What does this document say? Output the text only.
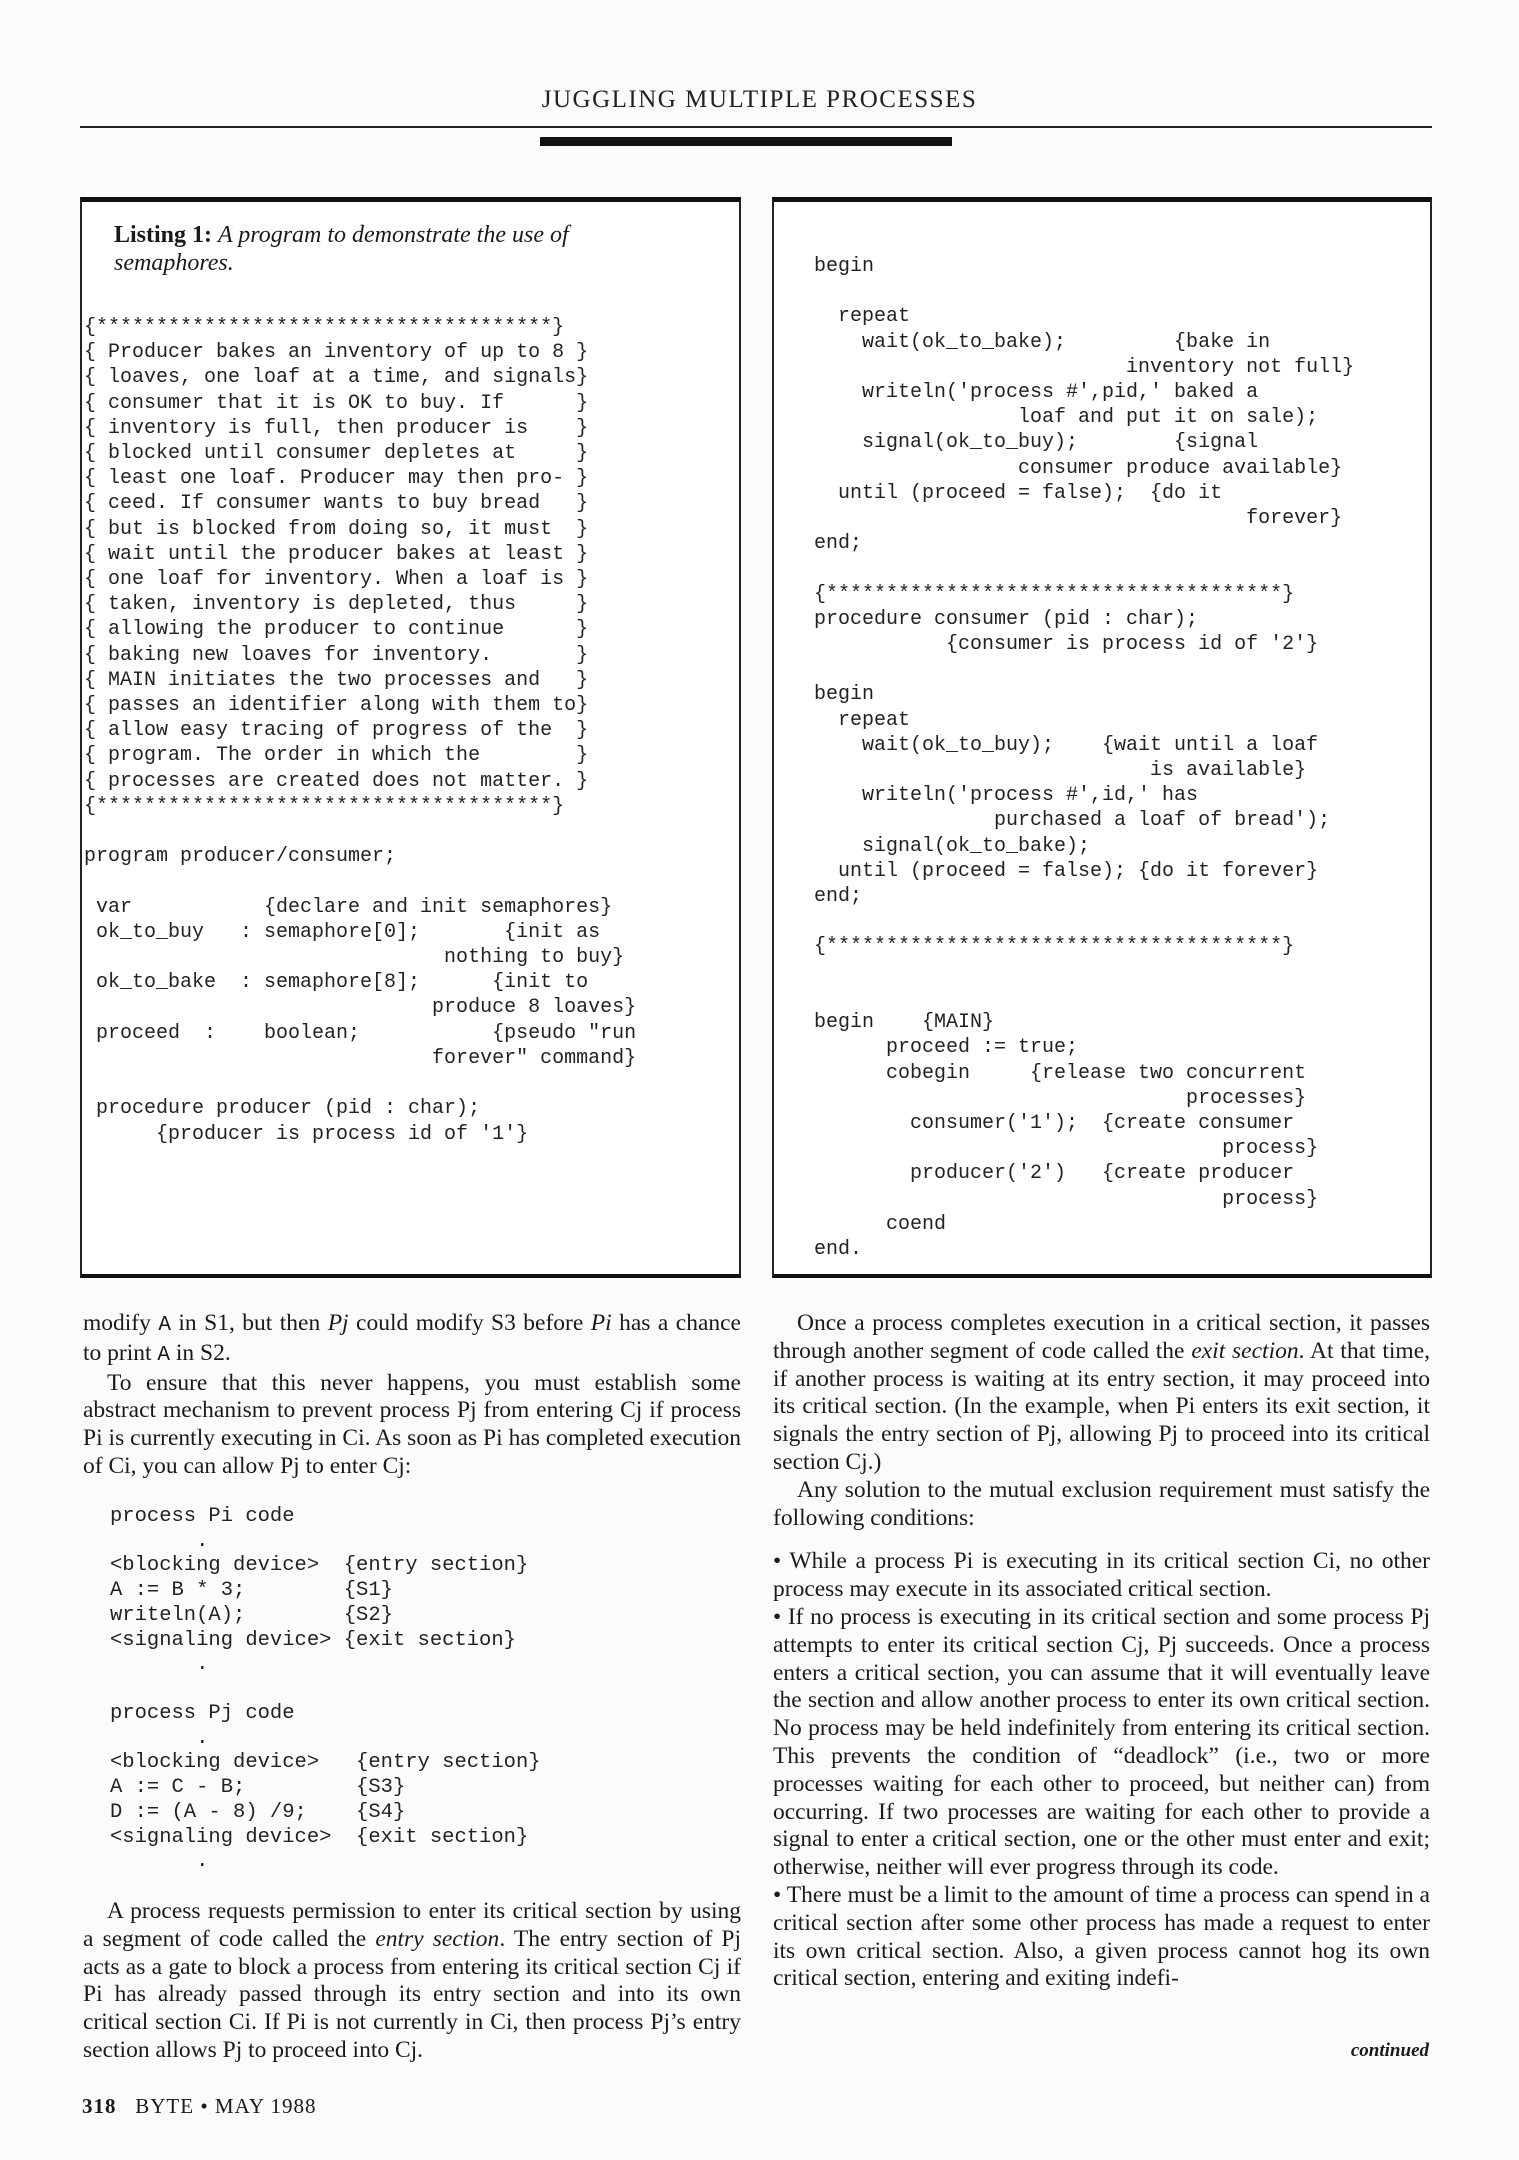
JUGGLING MULTIPLE PROCESSES
Listing 1: A program to demonstrate the use of semaphores.
{**************************************}
{ Producer bakes an inventory of up to 8 }
{ loaves, one loaf at a time, and signals}
{ consumer that it is OK to buy. If      }
{ inventory is full, then producer is    }
{ blocked until consumer depletes at     }
{ least one loaf. Producer may then pro- }
{ ceed. If consumer wants to buy bread   }
{ but is blocked from doing so, it must  }
{ wait until the producer bakes at least }
{ one loaf for inventory. When a loaf is }
{ taken, inventory is depleted, thus     }
{ allowing the producer to continue      }
{ baking new loaves for inventory.       }
{ MAIN initiates the two processes and   }
{ passes an identifier along with them to}
{ allow easy tracing of progress of the  }
{ program. The order in which the        }
{ processes are created does not matter. }
{**************************************}

program producer/consumer;

var           {declare and init semaphores}
ok_to_buy   : semaphore[0];       {init as
nothing to buy}
ok_to_bake  : semaphore[8];      {init to
produce 8 loaves}
proceed  :    boolean;           {pseudo "run
forever" command}

procedure producer (pid : char);
{producer is process id of '1'}
begin

repeat
wait(ok_to_bake);         {bake in
inventory not full}
writeln('process #',pid,' baked a
loaf and put it on sale);
signal(ok_to_buy);        {signal
consumer produce available}
until (proceed = false);  {do it
forever}
end;

{**************************************}
procedure consumer (pid : char);
{consumer is process id of '2'}

begin
repeat
wait(ok_to_buy);    {wait until a loaf
is available}
writeln('process #',id,' has
purchased a loaf of bread');
signal(ok_to_bake);
until (proceed = false); {do it forever}
end;

{**************************************}

begin    {MAIN}
proceed := true;
cobegin     {release two concurrent
processes}
consumer('1');  {create consumer
process}
producer('2')   {create producer
process}
coend
end.

modify A in S1, but then Pj could modify S3 before Pi has a chance to print A in S2.

To ensure that this never happens, you must establish some abstract mechanism to prevent process Pj from entering Cj if process Pi is currently executing in Ci. As soon as Pi has completed execution of Ci, you can allow Pj to enter Cj:

process Pi code
.
<blocking device>  {entry section}
A := B * 3;        {S1}
writeln(A);        {S2}
<signaling device> {exit section}
.
process Pj code
.
<blocking device>   {entry section}
A := C - B;         {S3}
D := (A - 8) /9;    {S4}
<signaling device>  {exit section}
.

A process requests permission to enter its critical section by using a segment of code called the entry section. The entry section of Pj acts as a gate to block a process from entering its critical section Cj if Pi has already passed through its entry section and into its own critical section Ci. If Pi is not currently in Ci, then process Pj’s entry section allows Pj to proceed into Cj.

Once a process completes execution in a critical section, it passes through another segment of code called the exit section. At that time, if another process is waiting at its entry section, it may proceed into its critical section. (In the example, when Pi enters its exit section, it signals the entry section of Pj, allowing Pj to proceed into its critical section Cj.)

Any solution to the mutual exclusion requirement must satisfy the following conditions:

• While a process Pi is executing in its critical section Ci, no other process may execute in its associated critical section.

• If no process is executing in its critical section and some process Pj attempts to enter its critical section Cj, Pj succeeds. Once a process enters a critical section, you can assume that it will eventually leave the section and allow another process to enter its own critical section. No process may be held indefinitely from entering its critical section. This prevents the condition of “deadlock” (i.e., two or more processes waiting for each other to proceed, but neither can) from occurring. If two processes are waiting for each other to provide a signal to enter a critical section, one or the other must enter and exit; otherwise, neither will ever progress through its code.

• There must be a limit to the amount of time a process can spend in a critical section after some other process has made a request to enter its own critical section. Also, a given process cannot hog its own critical section, entering and exiting indefi-

continued
318 BYTE • MAY 1988
